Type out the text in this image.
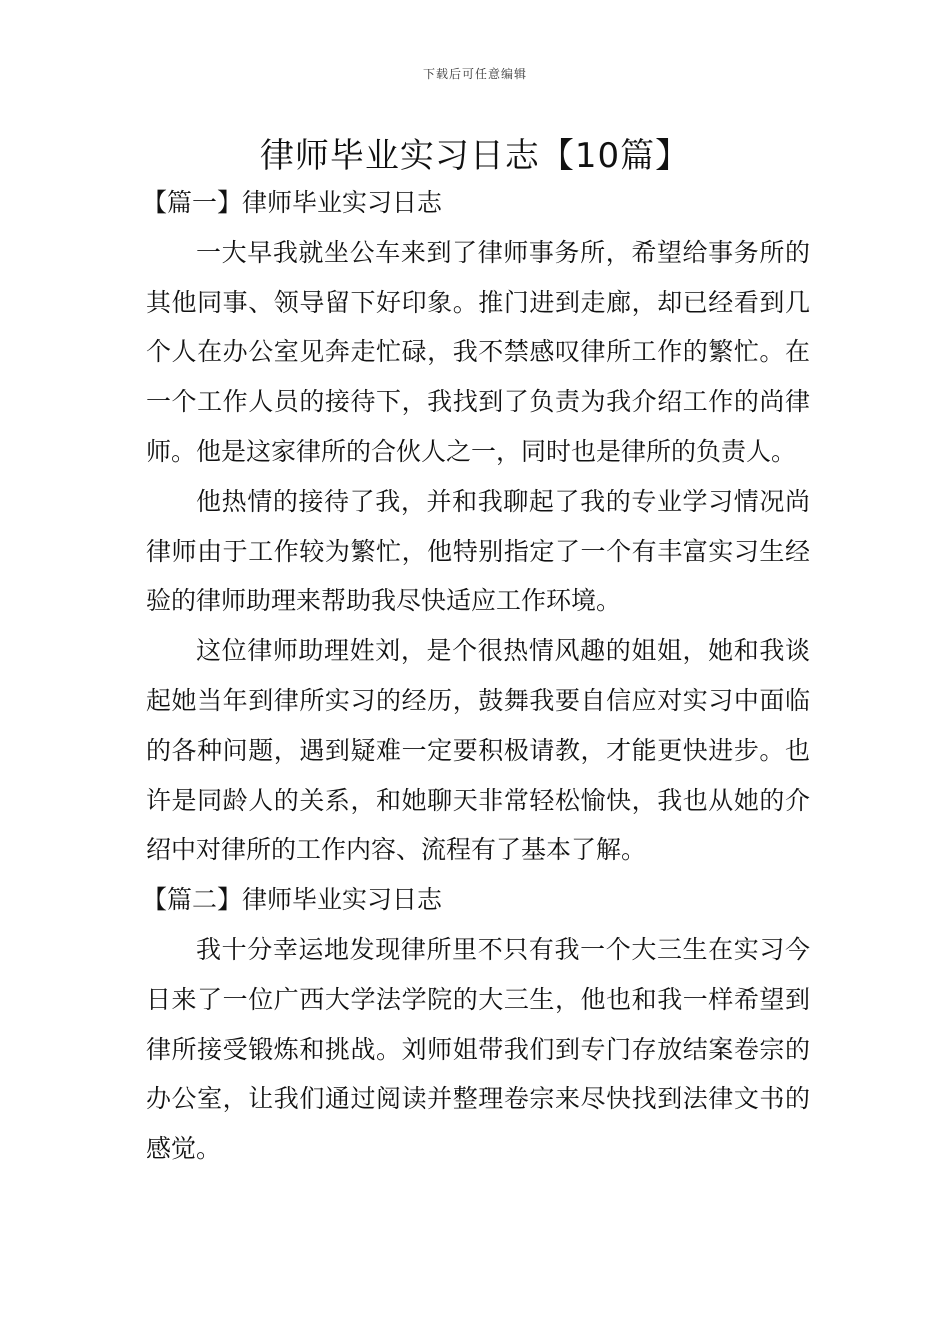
下载后可任意编辑
律师毕业实习日志【10篇】

【篇一】律师毕业实习日志

一大早我就坐公车来到了律师事务所，希望给事务所的其他同事、领导留下好印象。推门进到走廊，却已经看到几个人在办公室见奔走忙碌，我不禁感叹律所工作的繁忙。在一个工作人员的接待下，我找到了负责为我介绍工作的尚律师。他是这家律所的合伙人之一，同时也是律所的负责人。

他热情的接待了我，并和我聊起了我的专业学习情况尚律师由于工作较为繁忙，他特别指定了一个有丰富实习生经验的律师助理来帮助我尽快适应工作环境。

这位律师助理姓刘，是个很热情风趣的姐姐，她和我谈起她当年到律所实习的经历，鼓舞我要自信应对实习中面临的各种问题，遇到疑难一定要积极请教，才能更快进步。也许是同龄人的关系，和她聊天非常轻松愉快，我也从她的介绍中对律所的工作内容、流程有了基本了解。

【篇二】律师毕业实习日志

我十分幸运地发现律所里不只有我一个大三生在实习今日来了一位广西大学法学院的大三生，他也和我一样希望到律所接受锻炼和挑战。刘师姐带我们到专门存放结案卷宗的办公室，让我们通过阅读并整理卷宗来尽快找到法律文书的感觉。
